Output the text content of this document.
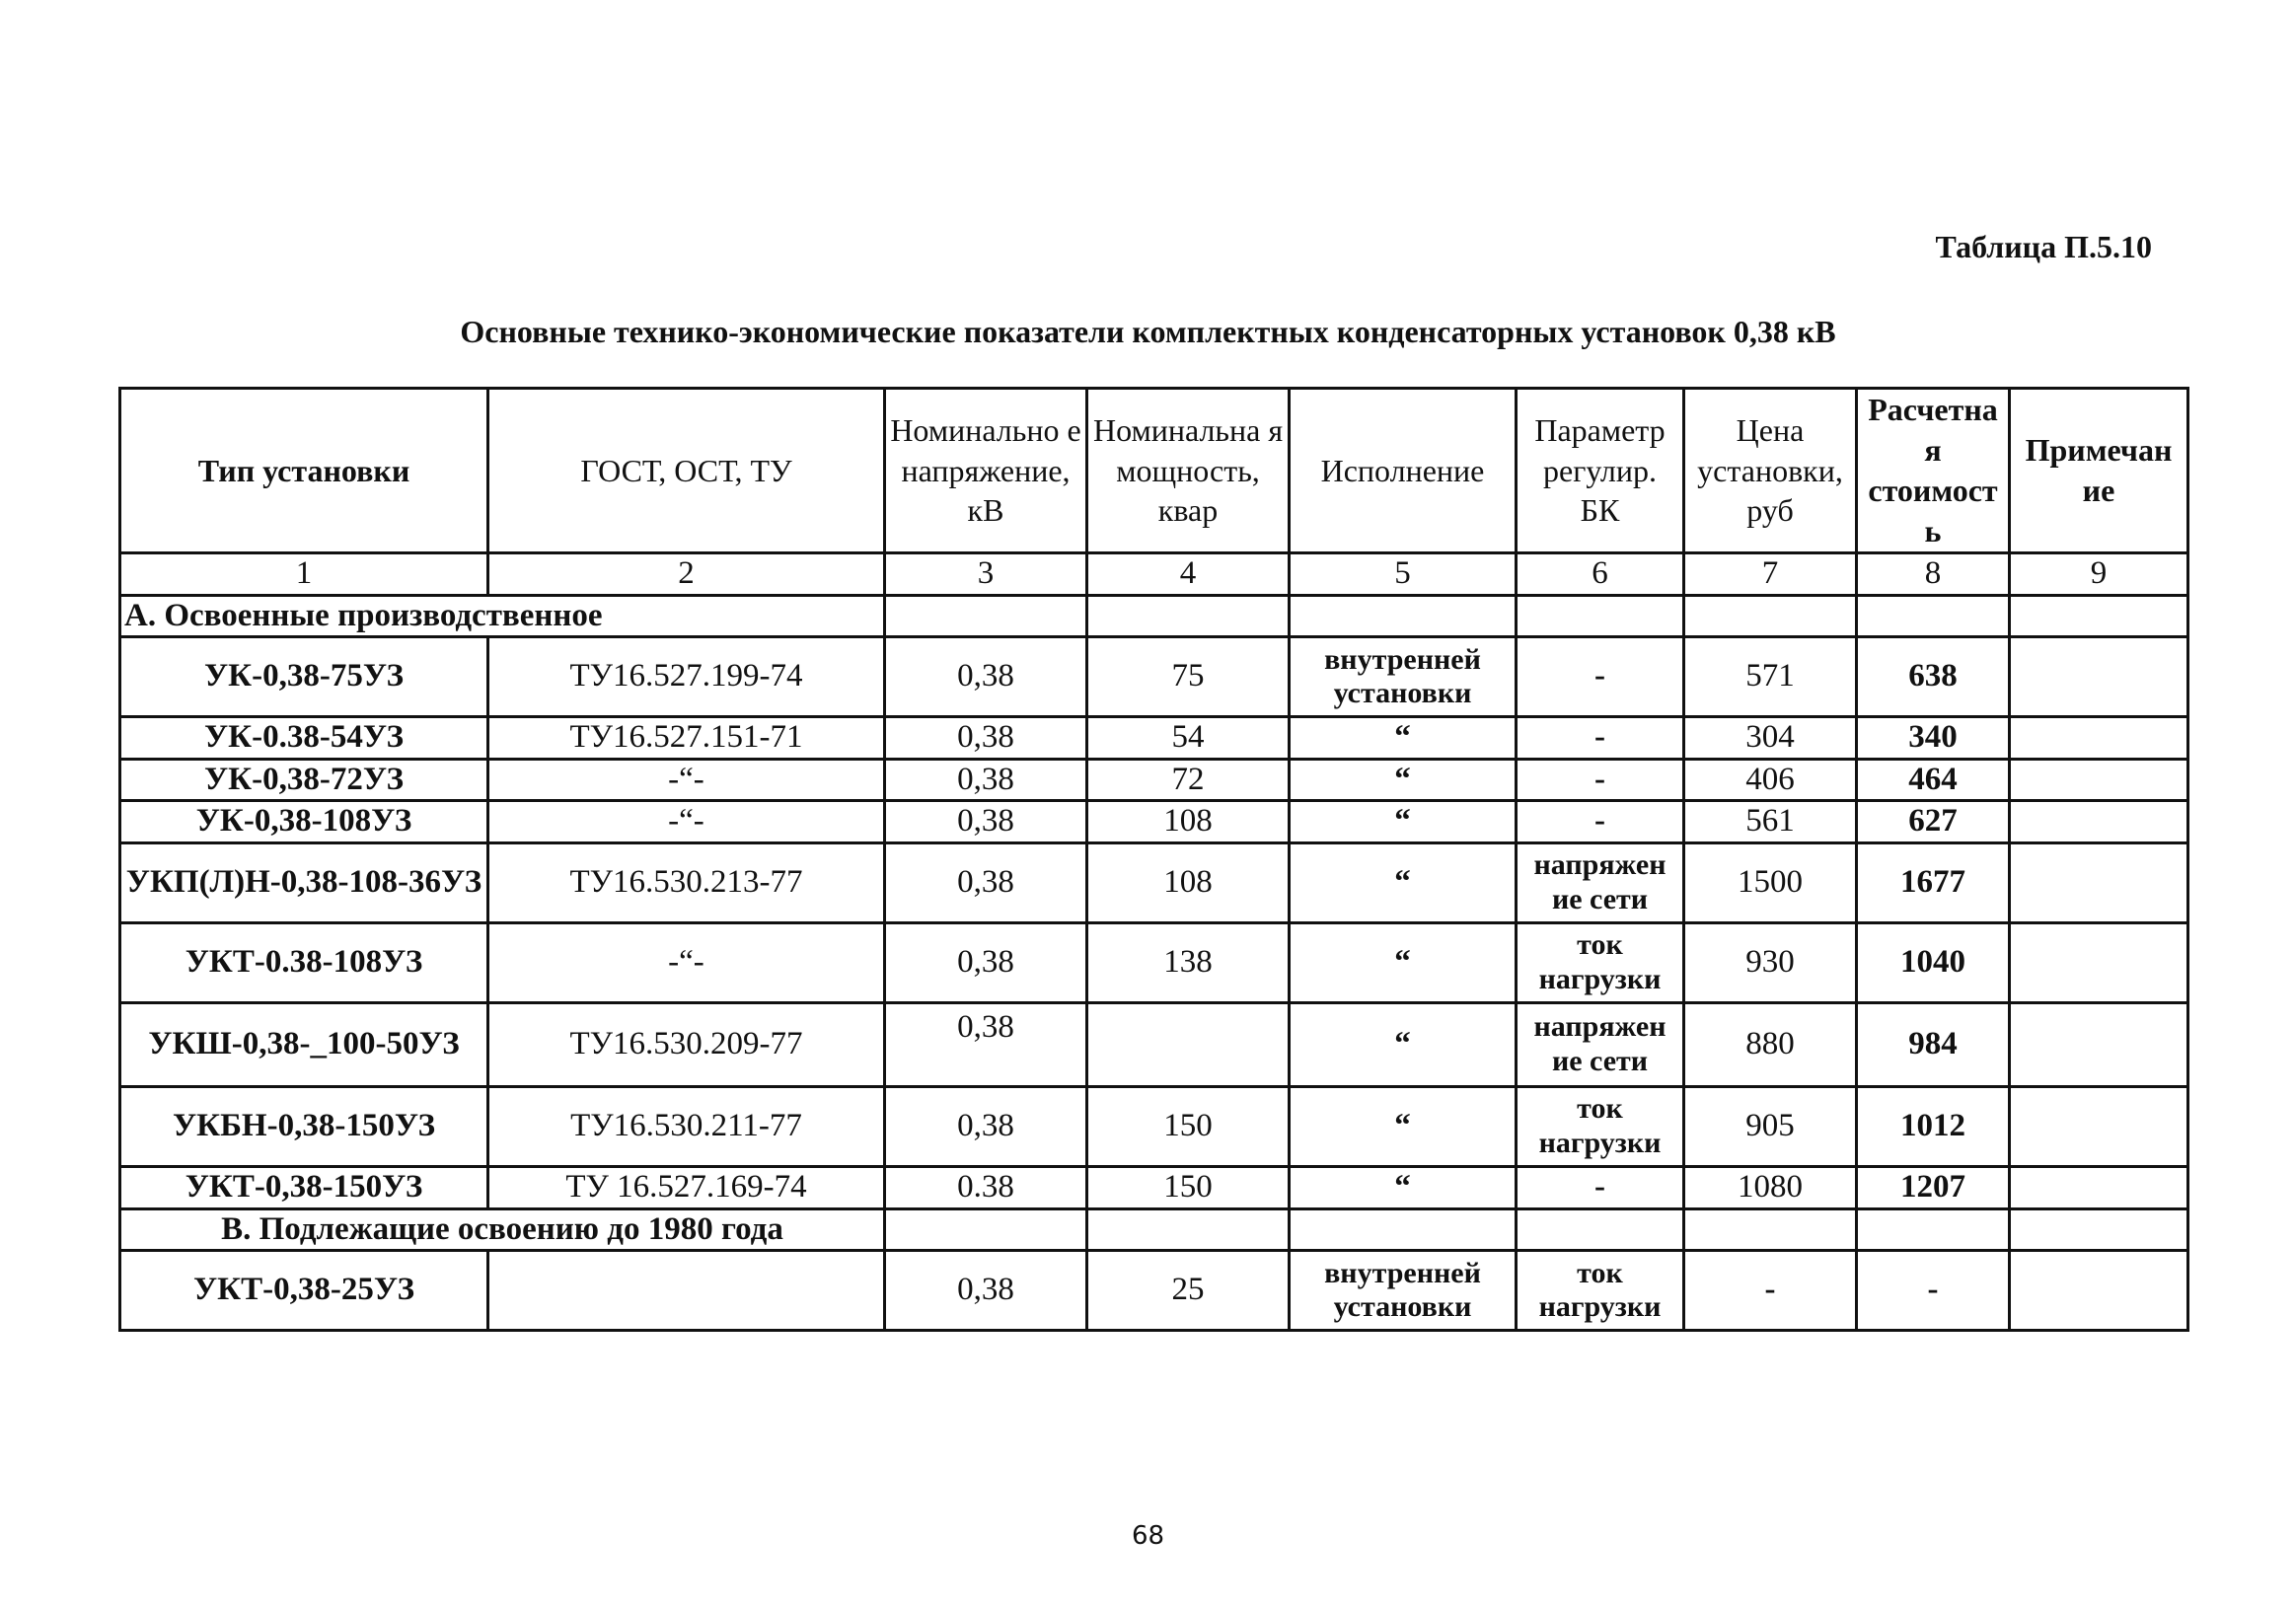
Таблица П.5.10
Основные технико-экономические показатели комплектных конденсаторных установок 0,38 кВ
Тип установки	ГОСТ, ОСТ, ТУ	Номинально е напряжение, кВ	Номинальна я мощность, квар	Исполнение	Параметр регулир. БК	Цена установки, руб	Расчетна я стоимост ь	Примечан ие
1	2	3	4	5	6	7	8	9
А. Освоенные производственное								
УК-0,38-75УЗ	ТУ16.527.199-74	0,38	75	внутренней установки	-	571	638	
УК-0.38-54УЗ	ТУ16.527.151-71	0,38	54	“	-	304	340	
УК-0,38-72УЗ	-“-	0,38	72	“	-	406	464	
УК-0,38-108УЗ	-“-	0,38	108	“	-	561	627	
УКП(Л)Н-0,38-108-36УЗ	ТУ16.530.213-77	0,38	108	“	напряжен ие сети	1500	1677	
УКТ-0.38-108УЗ	-“-	0,38	138	“	ток нагрузки	930	1040	
УКШ-0,38-_100-50УЗ	ТУ16.530.209-77	0,38		“	напряжен ие сети	880	984	
УКБН-0,38-150УЗ	ТУ16.530.211-77	0,38	150	“	ток нагрузки	905	1012	
УКТ-0,38-150УЗ	ТУ 16.527.169-74	0.38	150	“	-	1080	1207	
В. Подлежащие освоению до 1980 года								
УКТ-0,38-25УЗ		0,38	25	внутренней установки	ток нагрузки	-	-	
68
